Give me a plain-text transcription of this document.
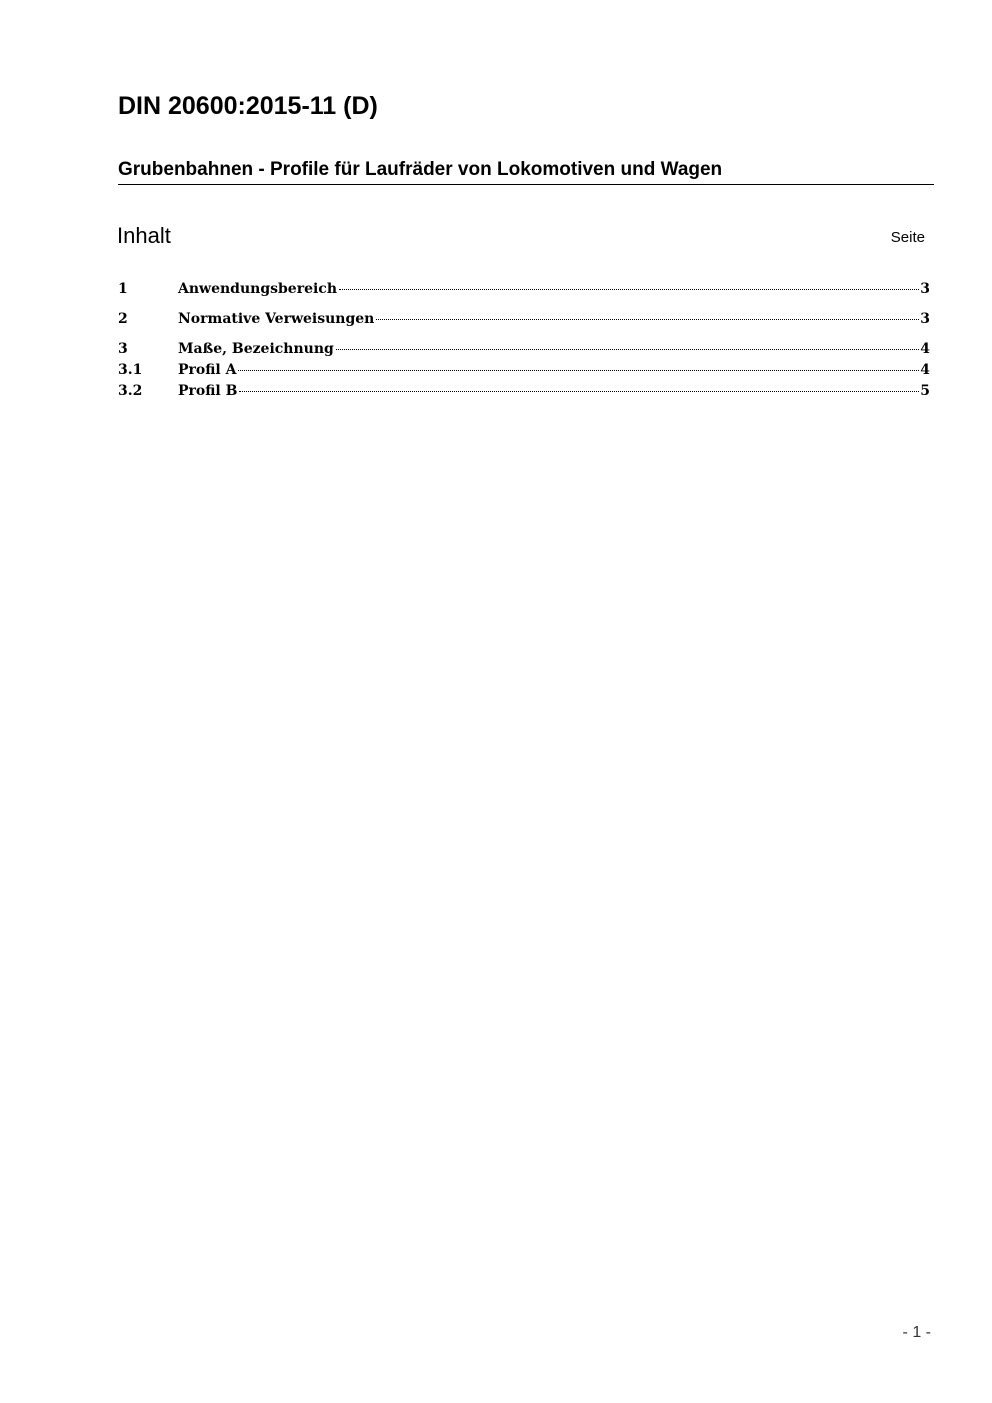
DIN 20600:2015-11 (D)
Grubenbahnen - Profile für Laufräder von Lokomotiven und Wagen
Inhalt	Seite
1	Anwendungsbereich	3
2	Normative Verweisungen	3
3	Maße, Bezeichnung	4
3.1	Profil A	4
3.2	Profil B	5
- 1 -
